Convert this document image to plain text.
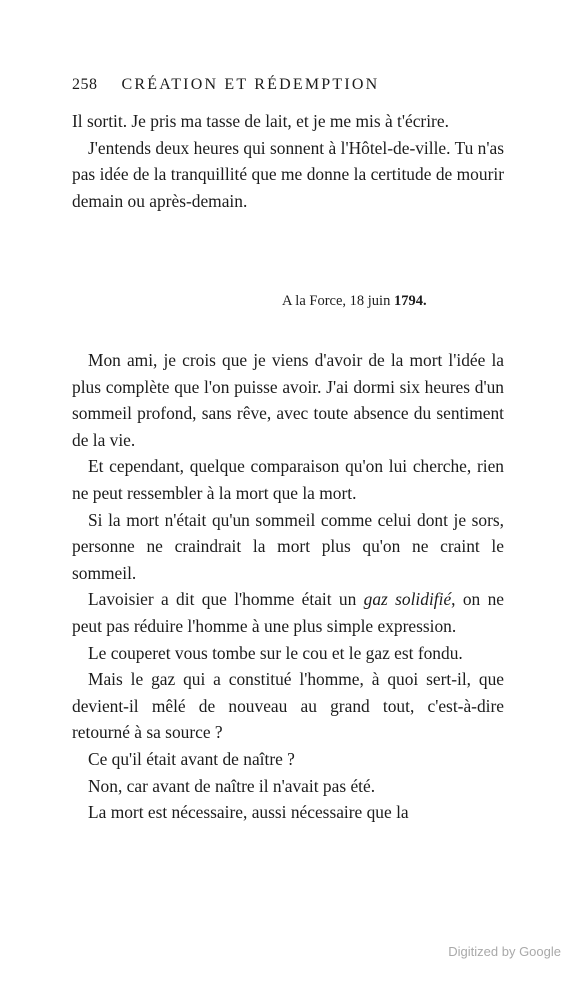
258 CRÉATION ET RÉDEMPTION

Il sortit. Je pris ma tasse de lait, et je me mis à t'écrire.

J'entends deux heures qui sonnent à l'Hôtel-de-ville. Tu n'as pas idée de la tranquillité que me donne la certitude de mourir demain ou après-demain.

A la Force, 18 juin 1794.

Mon ami, je crois que je viens d'avoir de la mort l'idée la plus complète que l'on puisse avoir. J'ai dormi six heures d'un sommeil profond, sans rêve, avec toute absence du sentiment de la vie.

Et cependant, quelque comparaison qu'on lui cherche, rien ne peut ressembler à la mort que la mort.

Si la mort n'était qu'un sommeil comme celui dont je sors, personne ne craindrait la mort plus qu'on ne craint le sommeil.

Lavoisier a dit que l'homme était un gaz solidifié, on ne peut pas réduire l'homme à une plus simple expression.

Le couperet vous tombe sur le cou et le gaz est fondu.

Mais le gaz qui a constitué l'homme, à quoi sert-il, que devient-il mêlé de nouveau au grand tout, c'est-à-dire retourné à sa source ?

Ce qu'il était avant de naître ?

Non, car avant de naître il n'avait pas été.

La mort est nécessaire, aussi nécessaire que la

Digitized by Google
